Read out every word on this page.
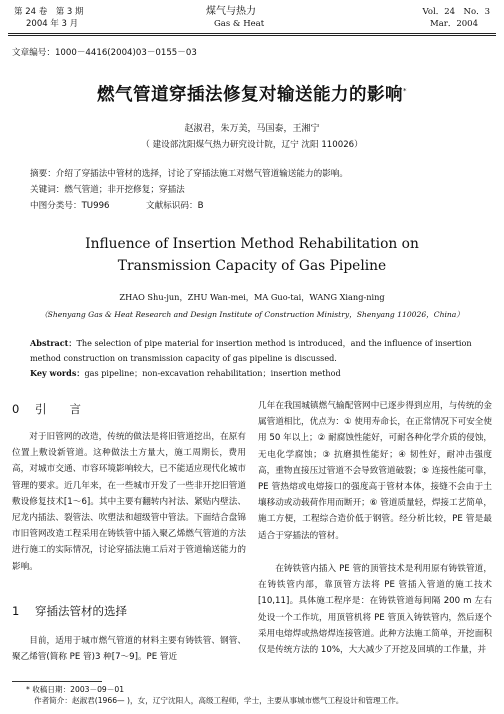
第 24 卷　第 3 期
2004 年 3 月
煤气与热力
Gas & Heat
Vol．24　No．3
Mar．2004
文章编号：1000－4416(2004)03－0155－03
燃气管道穿插法修复对输送能力的影响*
赵淑君，朱万美，马国泰，王湘宁
（ 建设部沈阳煤气热力研究设计院，辽宁 沈阳 110026）
摘要：介绍了穿插法中管材的选择，讨论了穿插法施工对燃气管道输送能力的影响。
关键词：燃气管道；非开挖修复；穿插法
中图分类号：TU996	文献标识码：B
Influence of Insertion Method Rehabilitation on
Transmission Capacity of Gas Pipeline
ZHAO Shu-jun，ZHU Wan-mei，MA Guo-tai，WANG Xiang-ning
（Shenyang Gas & Heat Research and Design Institute of Construction Ministry，Shenyang 110026，China）
Abstract：The selection of pipe material for insertion method is introduced，and the influence of insertion
method construction on transmission capacity of gas pipeline is discussed.
Key words：gas pipeline；non-excavation rehabilitation；insertion method
0 引　　言
对于旧管网的改造，传统的做法是将旧管道挖出，在原有位置上敷设新管道。这种做法土方量大，施工周期长，费用高，对城市交通、市容环境影响较大，已不能适应现代化城市管理的要求。近几年来，在一些城市开发了一些非开挖旧管道敷设修复技术[1～6]。其中主要有翻转内衬法、紧贴内壁法、尼龙内插法、裂管法、吹塑法和超级管中管法。下面结合盘锦市旧管网改造工程采用在铸铁管中插入聚乙烯燃气管道的方法进行施工的实际情况，讨论穿插法施工后对于管道输送能力的影响。
1 穿插法管材的选择
目前，适用于城市燃气管道的材料主要有铸铁管、钢管、聚乙烯管(简称 PE 管)3 种[7～9]。PE 管近
几年在我国城镇燃气输配管网中已逐步得到应用，与传统的金属管道相比，优点为：① 使用寿命长，在正常情况下可安全使用 50 年以上；② 耐腐蚀性能好，可耐各种化学介质的侵蚀，无电化学腐蚀；③ 抗磨损性能好；④ 韧性好，耐冲击强度高，重物直接压过管道不会导致管道破裂；⑤ 连接性能可靠，PE 管热熔或电熔接口的强度高于管材本体，接缝不会由于土壤移动或动载荷作用而断开；⑥ 管道质量轻，焊接工艺简单，施工方便，工程综合造价低于钢管。经分析比较，PE 管是最适合于穿插法的管材。
在铸铁管内插入 PE 管的顶管技术是利用原有铸铁管道，在铸铁管内部，靠顶管方法将 PE 管插入管道的施工技术[10,11]。具体施工程序是：在铸铁管道每间隔 200 m 左右处设一个工作坑，用顶管机将 PE 管顶入铸铁管内，然后逐个采用电熔焊或热熔焊连接管道。此种方法施工简单，开挖面积仅是传统方法的 10%，大大减少了开挖及回填的工作量，并
* 收稿日期：2003－09－01
作者简介：赵淑君(1966— )，女，辽宁沈阳人，高级工程师，学士，主要从事城市燃气工程设计和管理工作。
